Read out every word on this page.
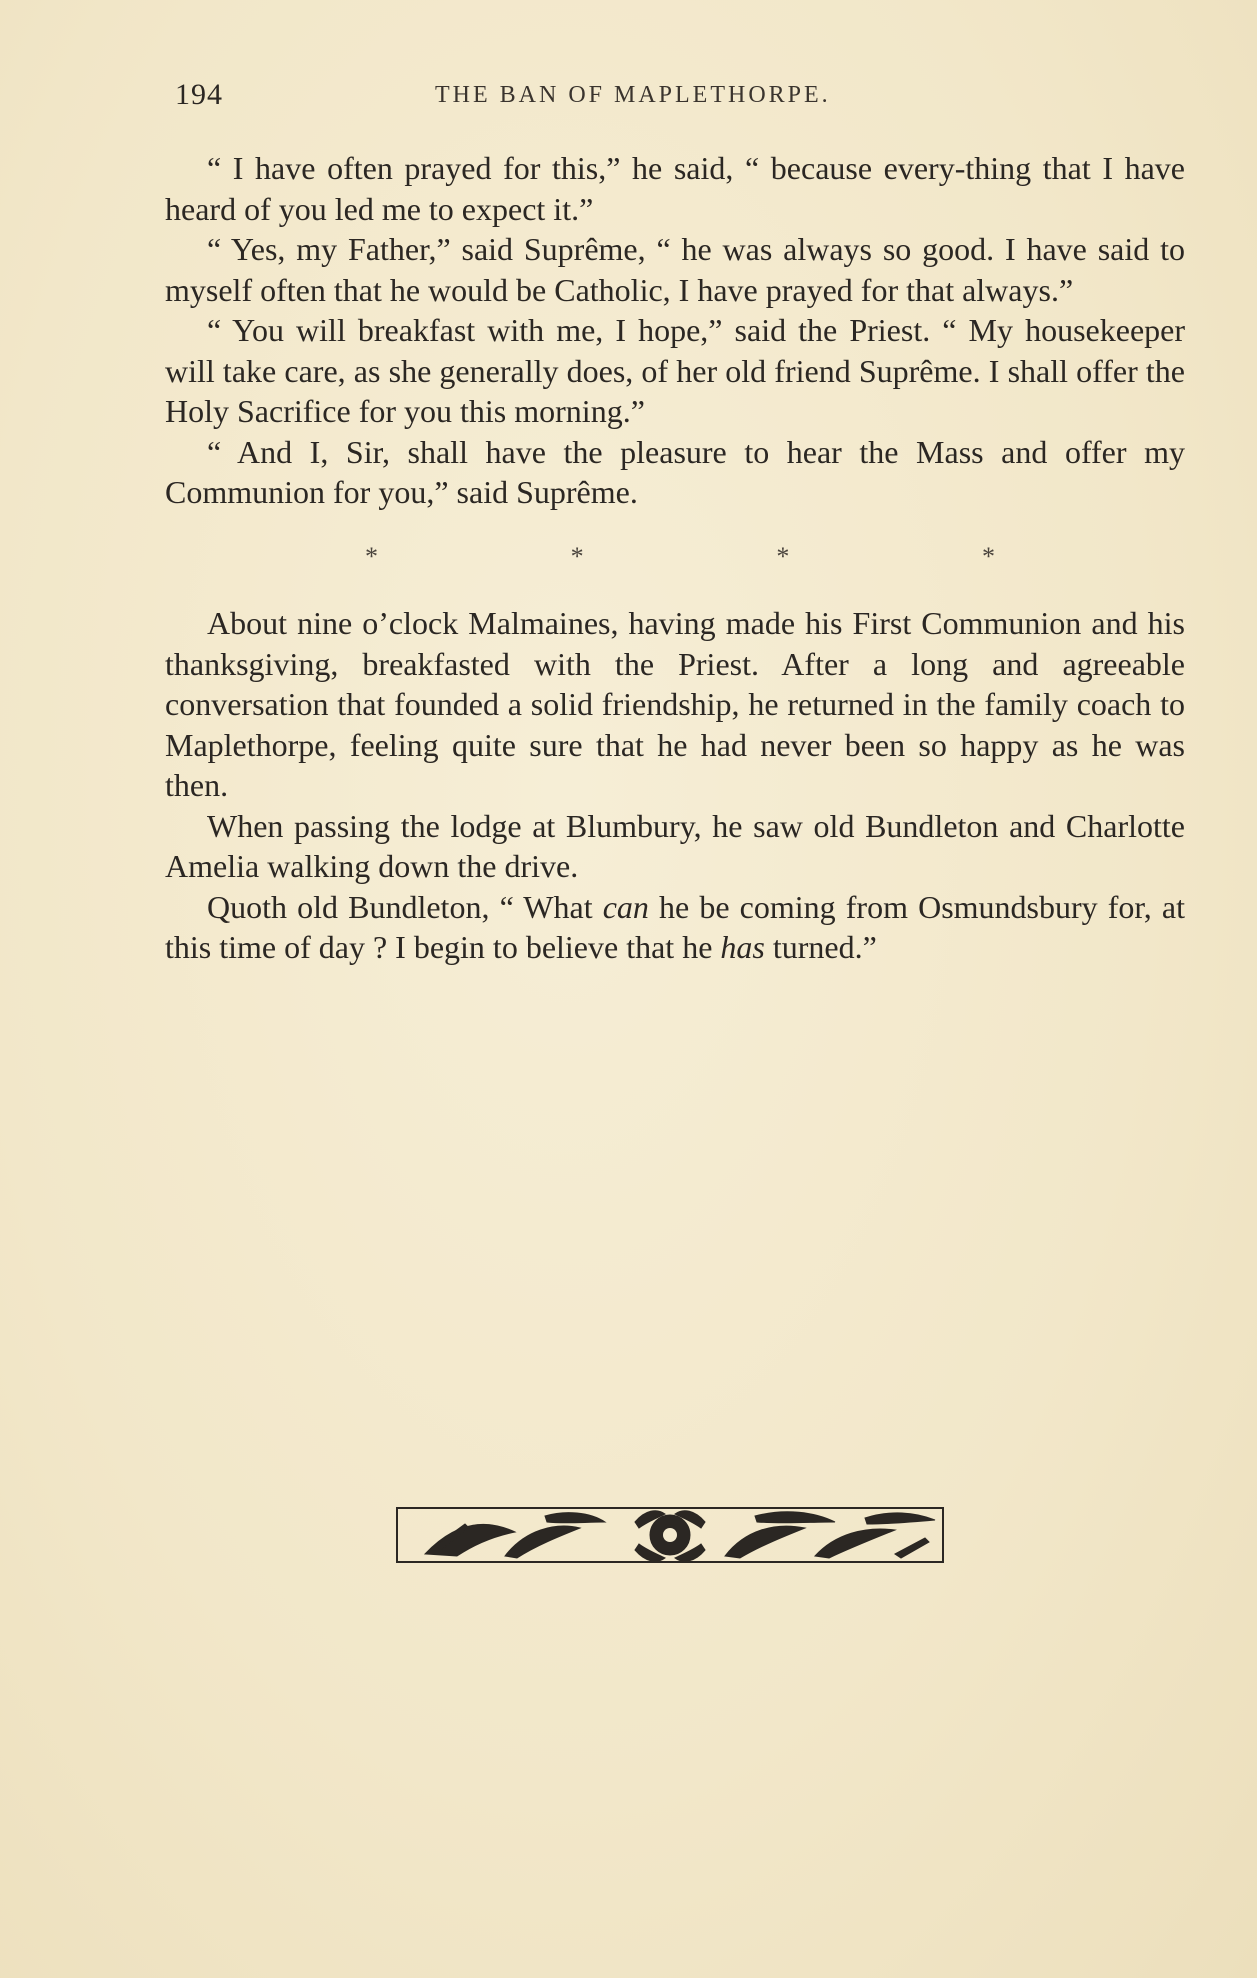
194	THE BAN OF MAPLETHORPE.

“ I have often prayed for this,” he said, “ because every-thing that I have heard of you led me to expect it.”

“ Yes, my Father,” said Suprême, “ he was always so good. I have said to myself often that he would be Catholic, I have prayed for that always.”

“ You will breakfast with me, I hope,” said the Priest. “ My housekeeper will take care, as she generally does, of her old friend Suprême. I shall offer the Holy Sacrifice for you this morning.”

“ And I, Sir, shall have the pleasure to hear the Mass and offer my Communion for you,” said Suprême.

*	*	*	*

About nine o’clock Malmaines, having made his First Communion and his thanksgiving, breakfasted with the Priest. After a long and agreeable conversation that founded a solid friendship, he returned in the family coach to Maplethorpe, feeling quite sure that he had never been so happy as he was then.

When passing the lodge at Blumbury, he saw old Bundleton and Charlotte Amelia walking down the drive.

Quoth old Bundleton, “ What can he be coming from Osmundsbury for, at this time of day ? I begin to believe that he has turned.”
